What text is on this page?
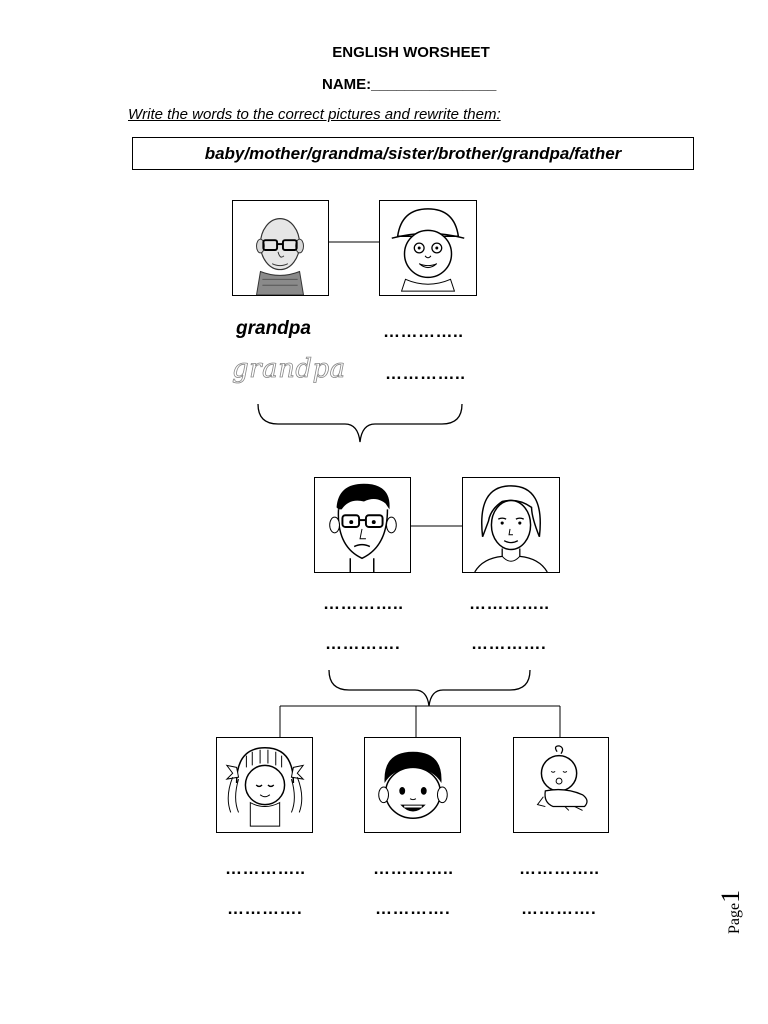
ENGLISH WORSHEET
NAME:_______________
Write the words to the correct pictures and rewrite them:
baby/mother/grandma/sister/brother/grandpa/father
grandpa
grandpa
…………..
…………..
…………..
………….
…………..
………….
…………..
………….
…………..
………….
…………..
………….	Page1
